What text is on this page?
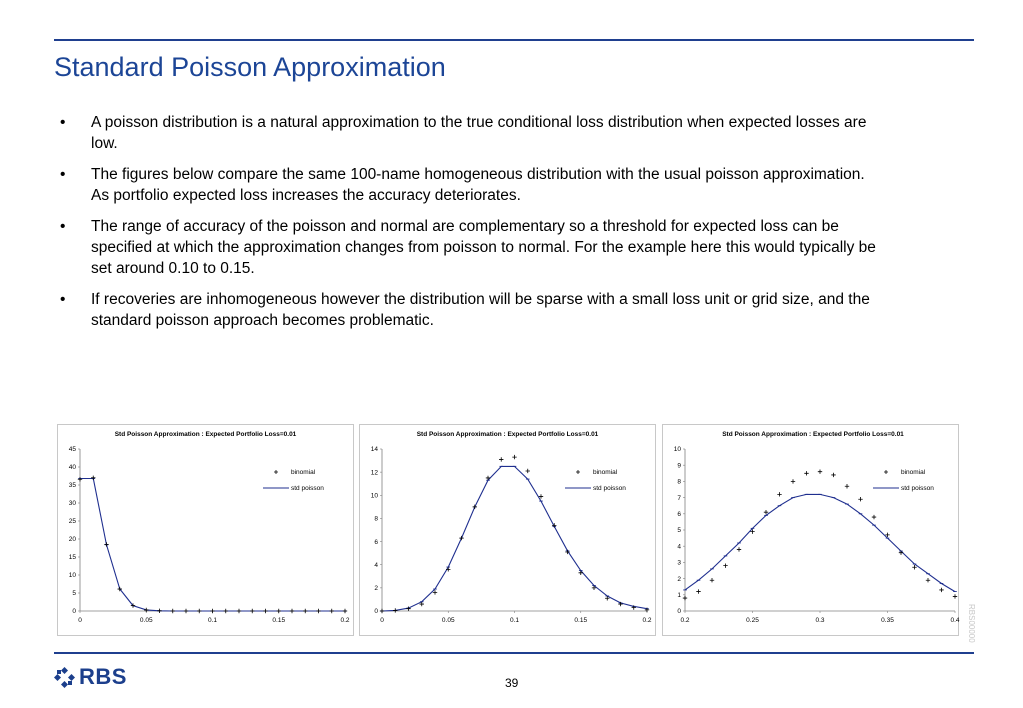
Standard Poisson Approximation
• A poisson distribution is a natural approximation to the true conditional loss distribution when expected losses are low.
• The figures below compare the same 100-name homogeneous distribution with the usual poisson approximation. As portfolio expected loss increases the accuracy deteriorates.
• The range of accuracy of the poisson and normal are complementary so a threshold for expected loss can be specified at which the approximation changes from poisson to normal. For the example here this would typically be set around 0.10 to 0.15.
• If recoveries are inhomogeneous however the distribution will be sparse with a small loss unit or grid size, and the standard poisson approach becomes problematic.
Std Poisson Approximation : Expected Portfolio Loss=0.01
0
5
10
15
20
25
30
35
40
45
0	0.05	0.1	0.15	0.2
binomial
std poisson
Std Poisson Approximation : Expected Portfolio Loss=0.01
0
2
4
6
8
10
12
14
0	0.05	0.1	0.15	0.2
binomial
std poisson
Std Poisson Approximation : Expected Portfolio Loss=0.01
0
1
2
3
4
5
6
7
8
9
10
0.2	0.25	0.3	0.35	0.4
binomial
std poisson
RBS	39
RBS00000
